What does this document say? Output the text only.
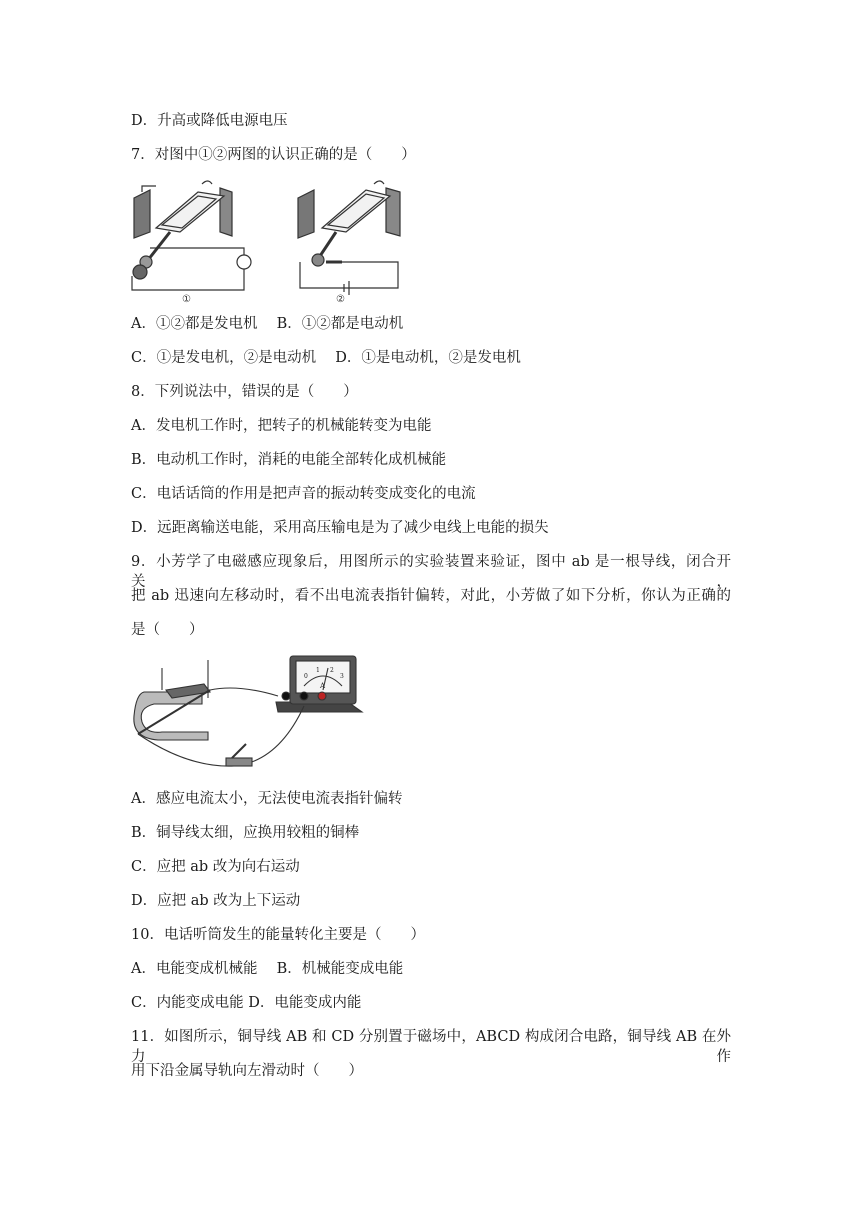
D．升高或降低电源电压
7．对图中①②两图的认识正确的是（　　）
①	②
A．①②都是发电机　 B．①②都是电动机
C．①是发电机，②是电动机　 D．①是电动机，②是发电机
8．下列说法中，错误的是（　　）
A．发电机工作时，把转子的机械能转变为电能
B．电动机工作时，消耗的电能全部转化成机械能
C．电话话筒的作用是把声音的振动转变成变化的电流
D．远距离输送电能，采用高压输电是为了减少电线上电能的损失
9．小芳学了电磁感应现象后，用图所示的实验装置来验证，图中 ab 是一根导线，闭合开关，
把 ab 迅速向左移动时，看不出电流表指针偏转，对此，小芳做了如下分析，你认为正确的
是（　　）
0
1 2
3
A
A．感应电流太小，无法使电流表指针偏转
B．铜导线太细，应换用较粗的铜棒
C．应把 ab 改为向右运动
D．应把 ab 改为上下运动
10．电话听筒发生的能量转化主要是（　　）
A．电能变成机械能　 B．机械能变成电能
C．内能变成电能 D．电能变成内能
11．如图所示，铜导线 AB 和 CD 分别置于磁场中，ABCD 构成闭合电路，铜导线 AB 在外力作
用下沿金属导轨向左滑动时（　　）
